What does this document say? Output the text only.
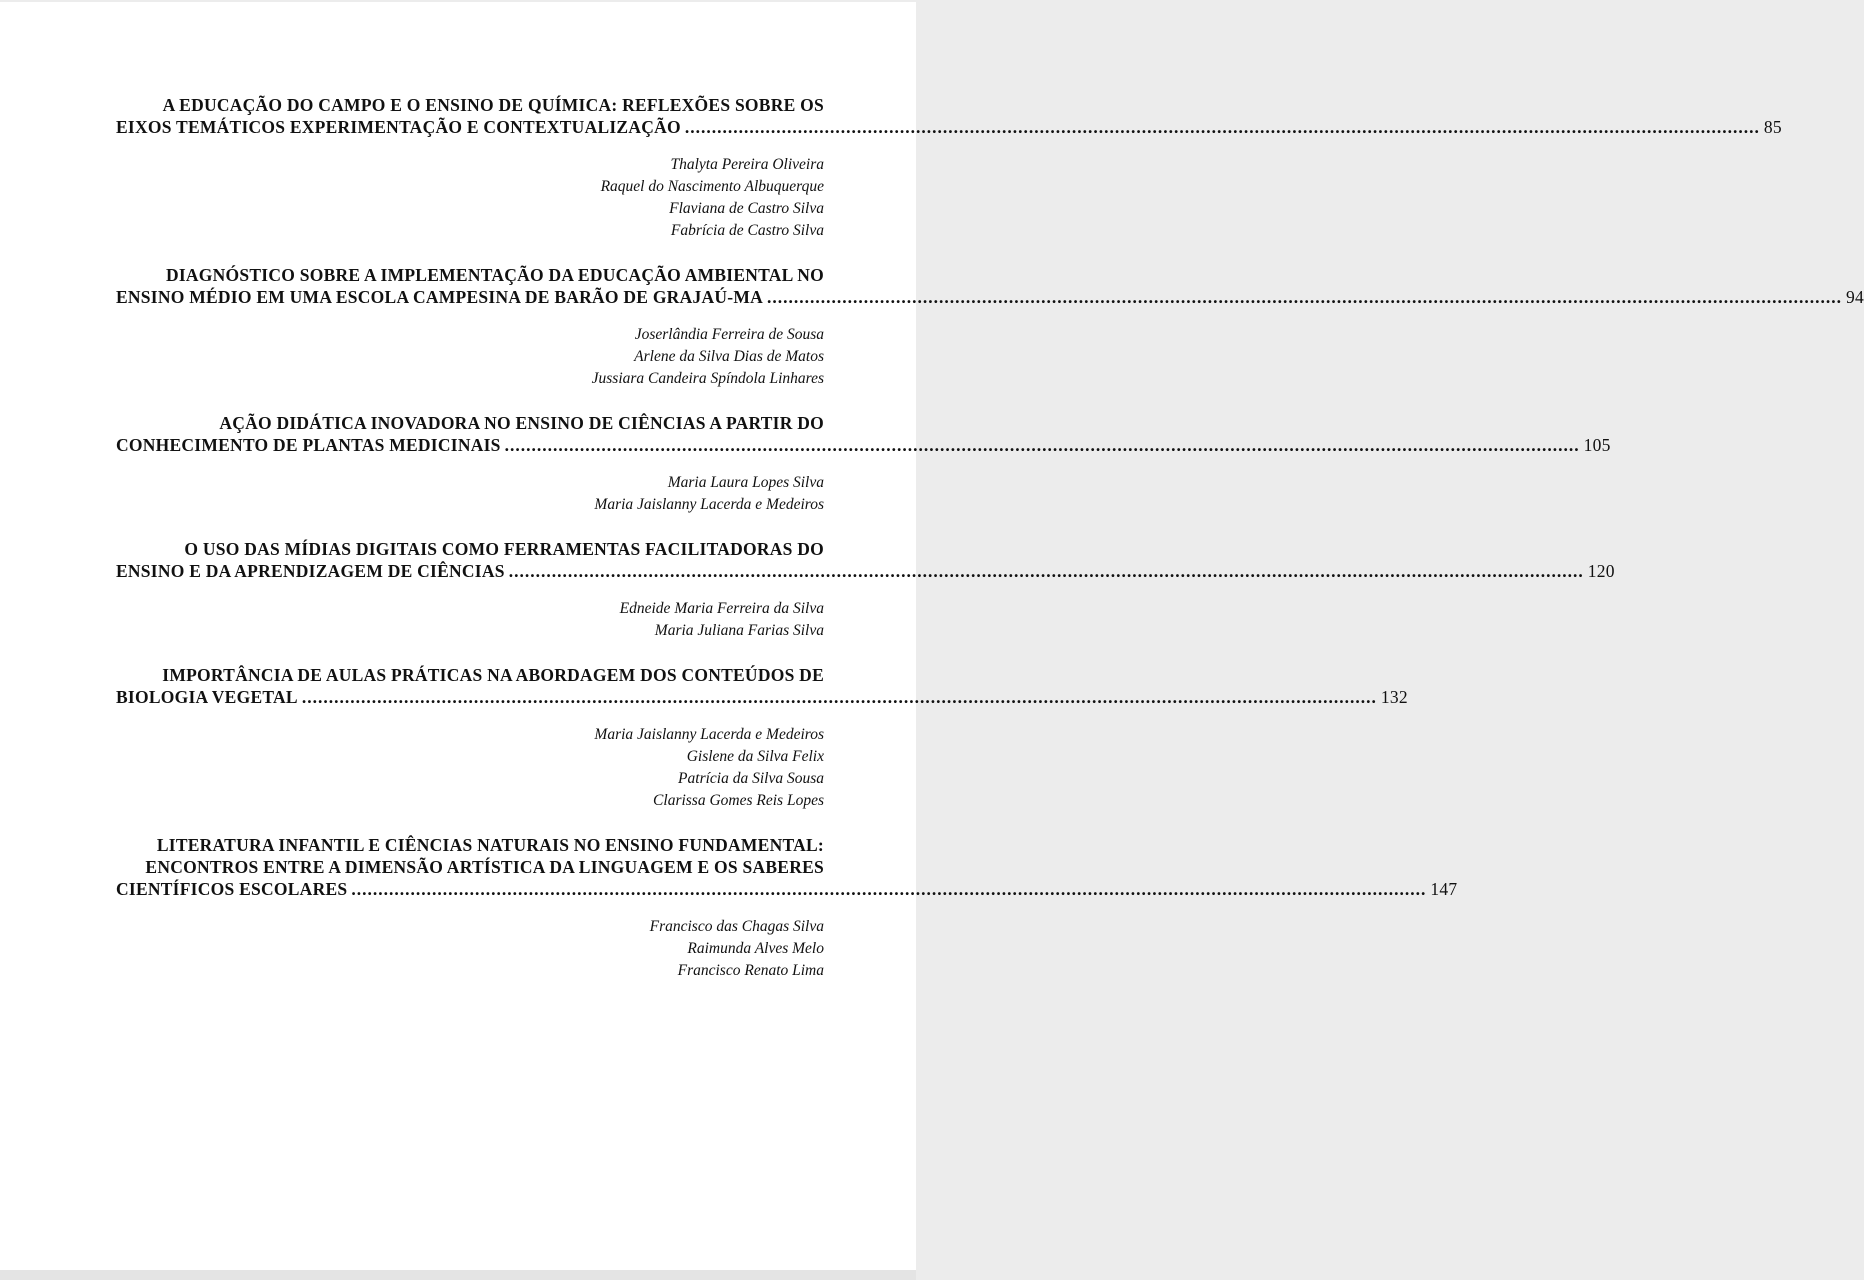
A EDUCAÇÃO DO CAMPO E O ENSINO DE QUÍMICA: REFLEXÕES SOBRE OS
EIXOS TEMÁTICOS EXPERIMENTAÇÃO E CONTEXTUALIZAÇÃO ........................................................................................................................................................................................................ 85
Thalyta Pereira Oliveira
Raquel do Nascimento Albuquerque
Flaviana de Castro Silva
Fabrícia de Castro Silva
DIAGNÓSTICO SOBRE A IMPLEMENTAÇÃO DA EDUCAÇÃO AMBIENTAL NO
ENSINO MÉDIO EM UMA ESCOLA CAMPESINA DE BARÃO DE GRAJAÚ-MA ........................................................................................................................................................................................................ 94
Joserlândia Ferreira de Sousa
Arlene da Silva Dias de Matos
Jussiara Candeira Spíndola Linhares
AÇÃO DIDÁTICA INOVADORA NO ENSINO DE CIÊNCIAS A PARTIR DO
CONHECIMENTO DE PLANTAS MEDICINAIS ........................................................................................................................................................................................................ 105
Maria Laura Lopes Silva
Maria Jaislanny Lacerda e Medeiros
O USO DAS MÍDIAS DIGITAIS COMO FERRAMENTAS FACILITADORAS DO
ENSINO E DA APRENDIZAGEM DE CIÊNCIAS ........................................................................................................................................................................................................ 120
Edneide Maria Ferreira da Silva
Maria Juliana Farias Silva
IMPORTÂNCIA DE AULAS PRÁTICAS NA ABORDAGEM DOS CONTEÚDOS DE
BIOLOGIA VEGETAL ........................................................................................................................................................................................................ 132
Maria Jaislanny Lacerda e Medeiros
Gislene da Silva Felix
Patrícia da Silva Sousa
Clarissa Gomes Reis Lopes
LITERATURA INFANTIL E CIÊNCIAS NATURAIS NO ENSINO FUNDAMENTAL:
ENCONTROS ENTRE A DIMENSÃO ARTÍSTICA DA LINGUAGEM E OS SABERES
CIENTÍFICOS ESCOLARES ........................................................................................................................................................................................................ 147
Francisco das Chagas Silva
Raimunda Alves Melo
Francisco Renato Lima
